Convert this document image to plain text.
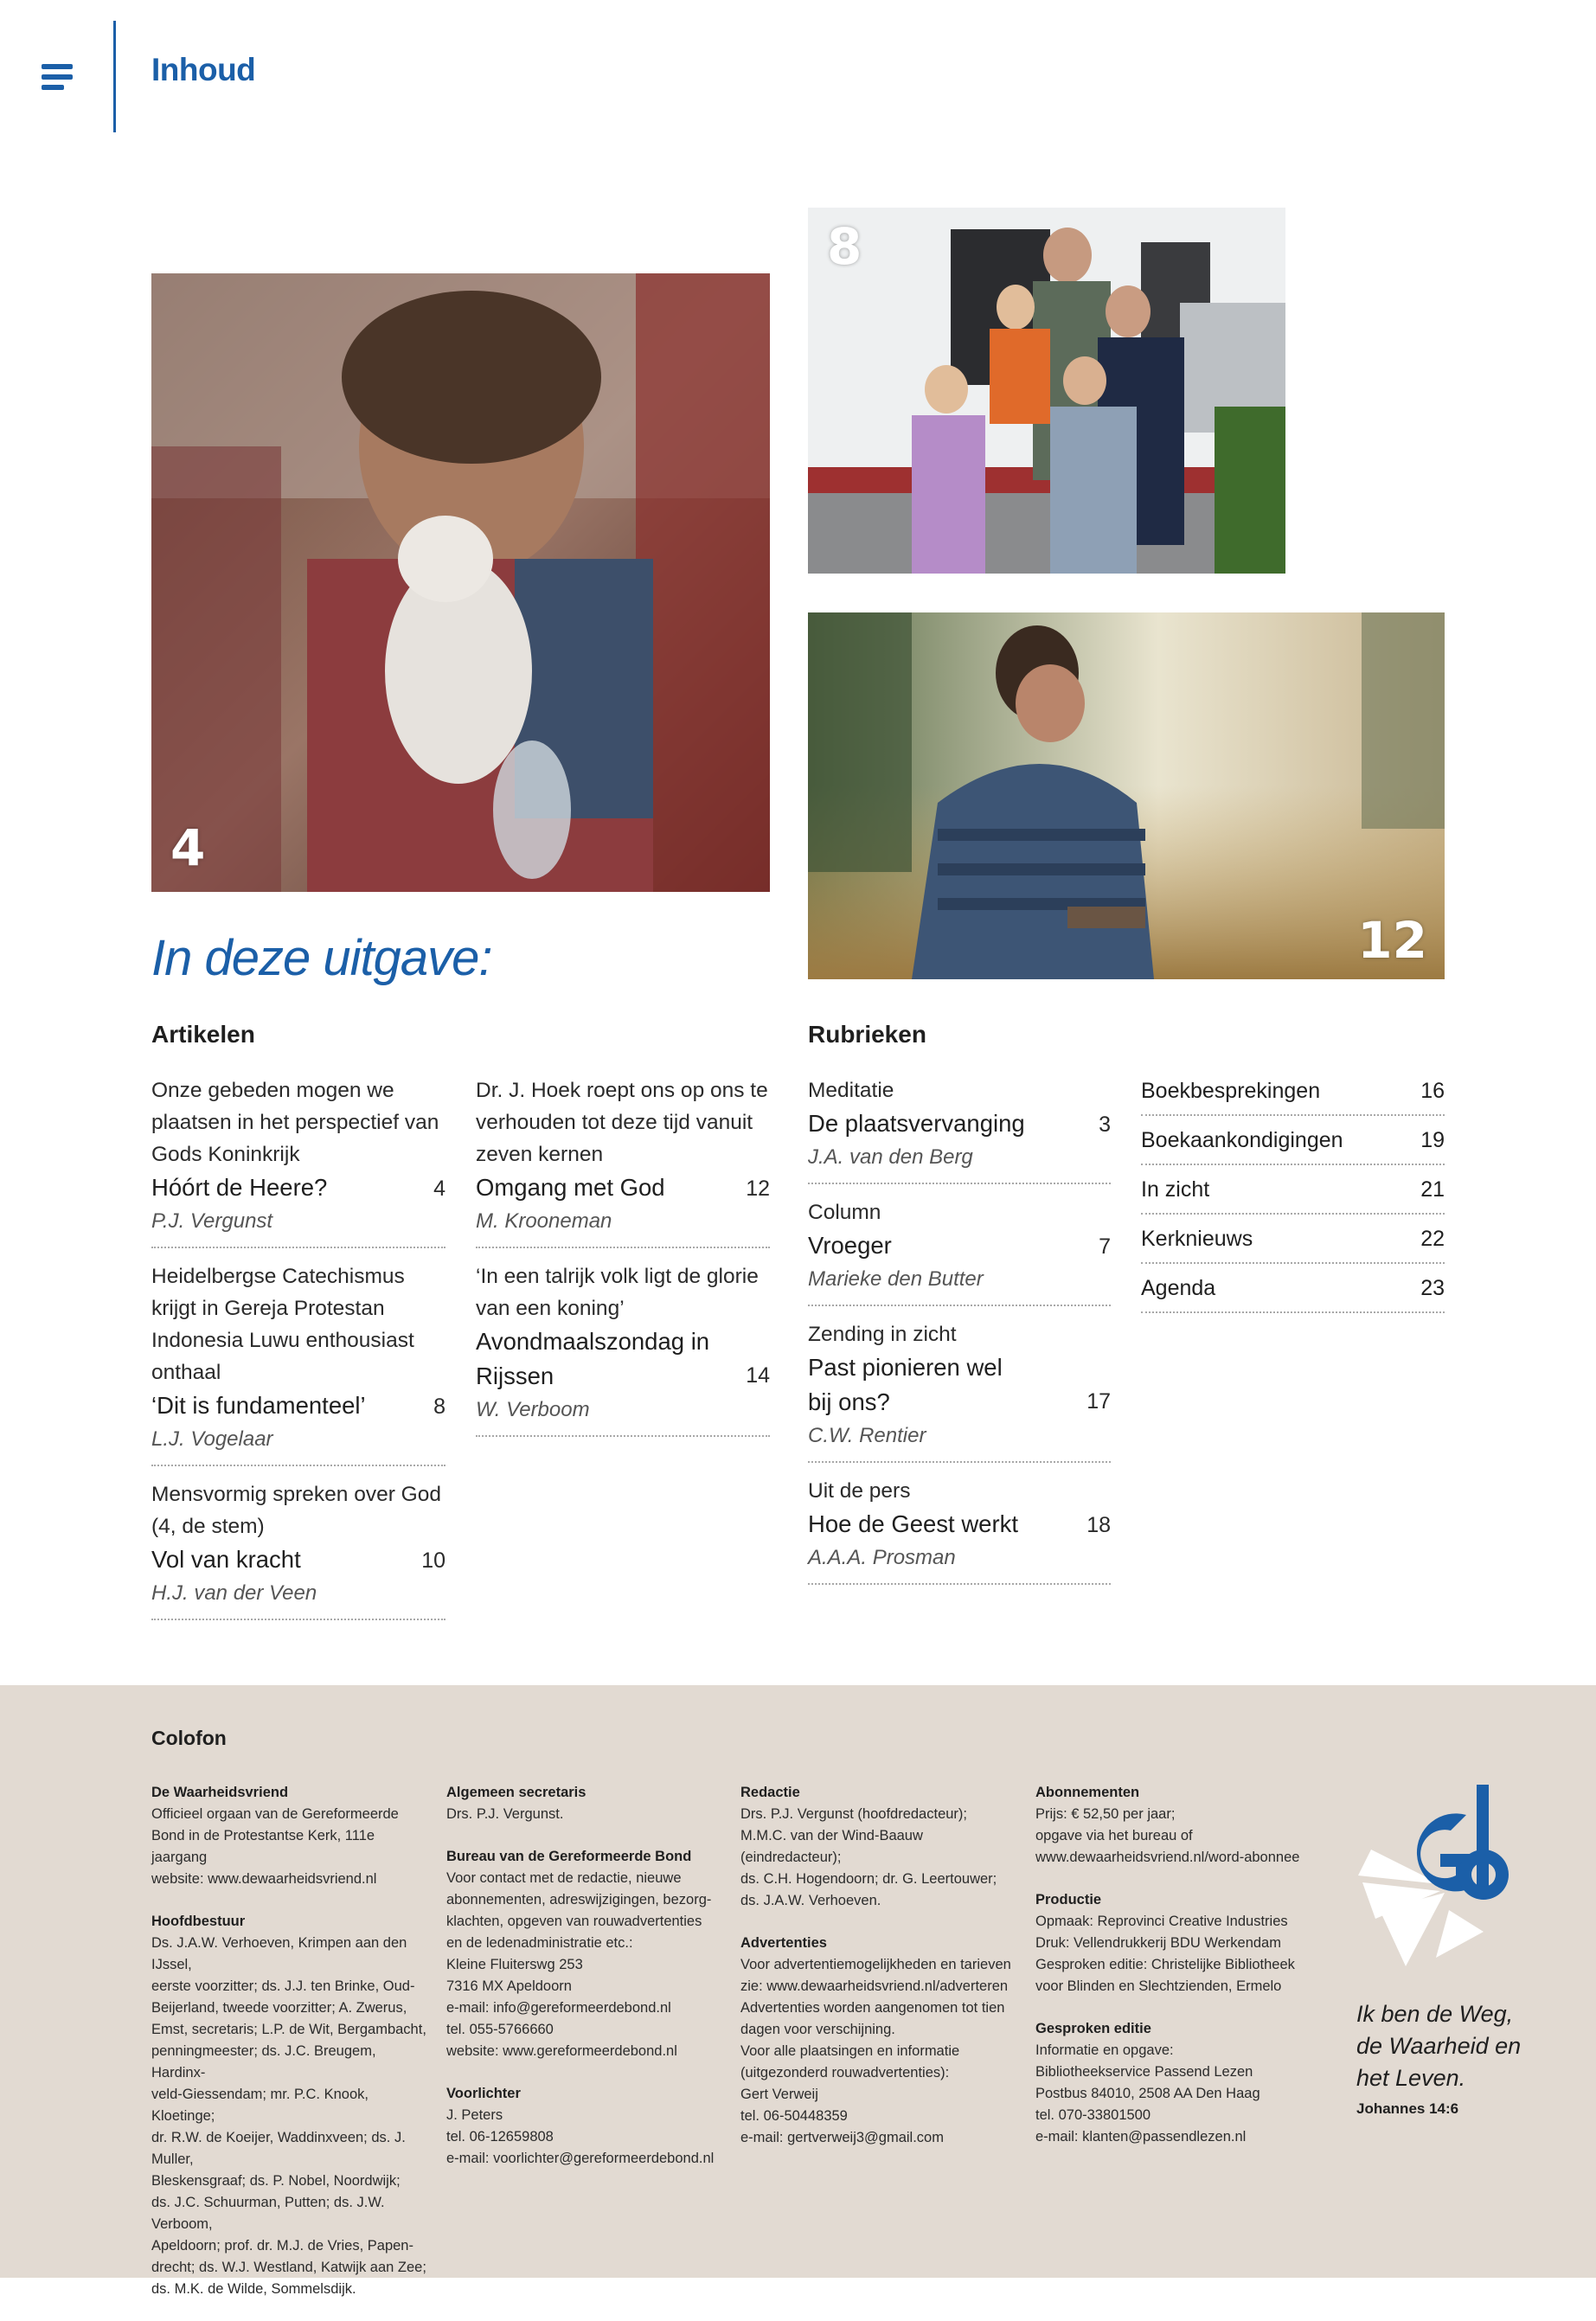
Inhoud
4
8
12
In deze uitgave:
Artikelen
Onze gebeden mogen we plaatsen in het perspectief van Gods Koninkrijk
Hóórt de Heere?	4
P.J. Vergunst
Heidelbergse Catechismus krijgt in Gereja Protestan Indonesia Luwu enthousiast onthaal
‘Dit is fundamenteel’	8
L.J. Vogelaar
Mensvormig spreken over God (4, de stem)
Vol van kracht	10
H.J. van der Veen
Dr. J. Hoek roept ons op ons te verhouden tot deze tijd vanuit zeven kernen
Omgang met God	12
M. Krooneman
‘In een talrijk volk ligt de glorie van een koning’
Avondmaalszondag in Rijssen	14
W. Verboom
Rubrieken
Meditatie
De plaatsvervanging	3
J.A. van den Berg
Column
Vroeger	7
Marieke den Butter
Zending in zicht
Past pionieren wel bij ons?	17
C.W. Rentier
Uit de pers
Hoe de Geest werkt	18
A.A.A. Prosman
Boekbesprekingen	16
Boekaankondigingen	19
In zicht	21
Kerknieuws	22
Agenda	23
Colofon

De Waarheidsvriend
Officieel orgaan van de Gereformeerde
Bond in de Protestantse Kerk, 111e jaargang
website: www.dewaarheidsvriend.nl

Hoofdbestuur
Ds. J.A.W. Verhoeven, Krimpen aan den IJssel,
eerste voorzitter; ds. J.J. ten Brinke, Oud-
Beijerland, tweede voorzitter; A. Zwerus,
Emst, secretaris; L.P. de Wit, Bergambacht,
penningmeester; ds. J.C. Breugem, Hardinx-
veld-Giessendam; mr. P.C. Knook, Kloetinge;
dr. R.W. de Koeijer, Waddinxveen; ds. J. Muller,
Bleskensgraaf; ds. P. Nobel, Noordwijk;
ds. J.C. Schuurman, Putten; ds. J.W. Verboom,
Apeldoorn; prof. dr. M.J. de Vries, Papen-
drecht; ds. W.J. Westland, Katwijk aan Zee;
ds. M.K. de Wilde, Sommelsdijk.

Algemeen secretaris
Drs. P.J. Vergunst.

Bureau van de Gereformeerde Bond
Voor contact met de redactie, nieuwe
abonnementen, adreswijzigingen, bezorg-
klachten, opgeven van rouwadvertenties
en de ledenadministratie etc.:
Kleine Fluiterswg 253
7316 MX Apeldoorn
e-mail: info@gereformeerdebond.nl
tel. 055-5766660
website: www.gereformeerdebond.nl

Voorlichter
J. Peters
tel. 06-12659808
e-mail: voorlichter@gereformeerdebond.nl

Redactie
Drs. P.J. Vergunst (hoofdredacteur);
M.M.C. van der Wind-Baauw (eindredacteur);
ds. C.H. Hogendoorn; dr. G. Leertouwer;
ds. J.A.W. Verhoeven.

Advertenties
Voor advertentiemogelijkheden en tarieven
zie: www.dewaarheidsvriend.nl/adverteren
Advertenties worden aangenomen tot tien
dagen voor verschijning.
Voor alle plaatsingen en informatie
(uitgezonderd rouwadvertenties):
Gert Verweij
tel. 06-50448359
e-mail: gertverweij3@gmail.com

Abonnementen
Prijs: € 52,50 per jaar;
opgave via het bureau of
www.dewaarheidsvriend.nl/word-abonnee

Productie
Opmaak: Reprovinci Creative Industries
Druk: Vellendrukkerij BDU Werkendam
Gesproken editie: Christelijke Bibliotheek
voor Blinden en Slechtzienden, Ermelo

Gesproken editie
Informatie en opgave:
Bibliotheekservice Passend Lezen
Postbus 84010, 2508 AA Den Haag
tel. 070-33801500
e-mail: klanten@passendlezen.nl

Ik ben de Weg,
de Waarheid en
het Leven.
Johannes 14:6
